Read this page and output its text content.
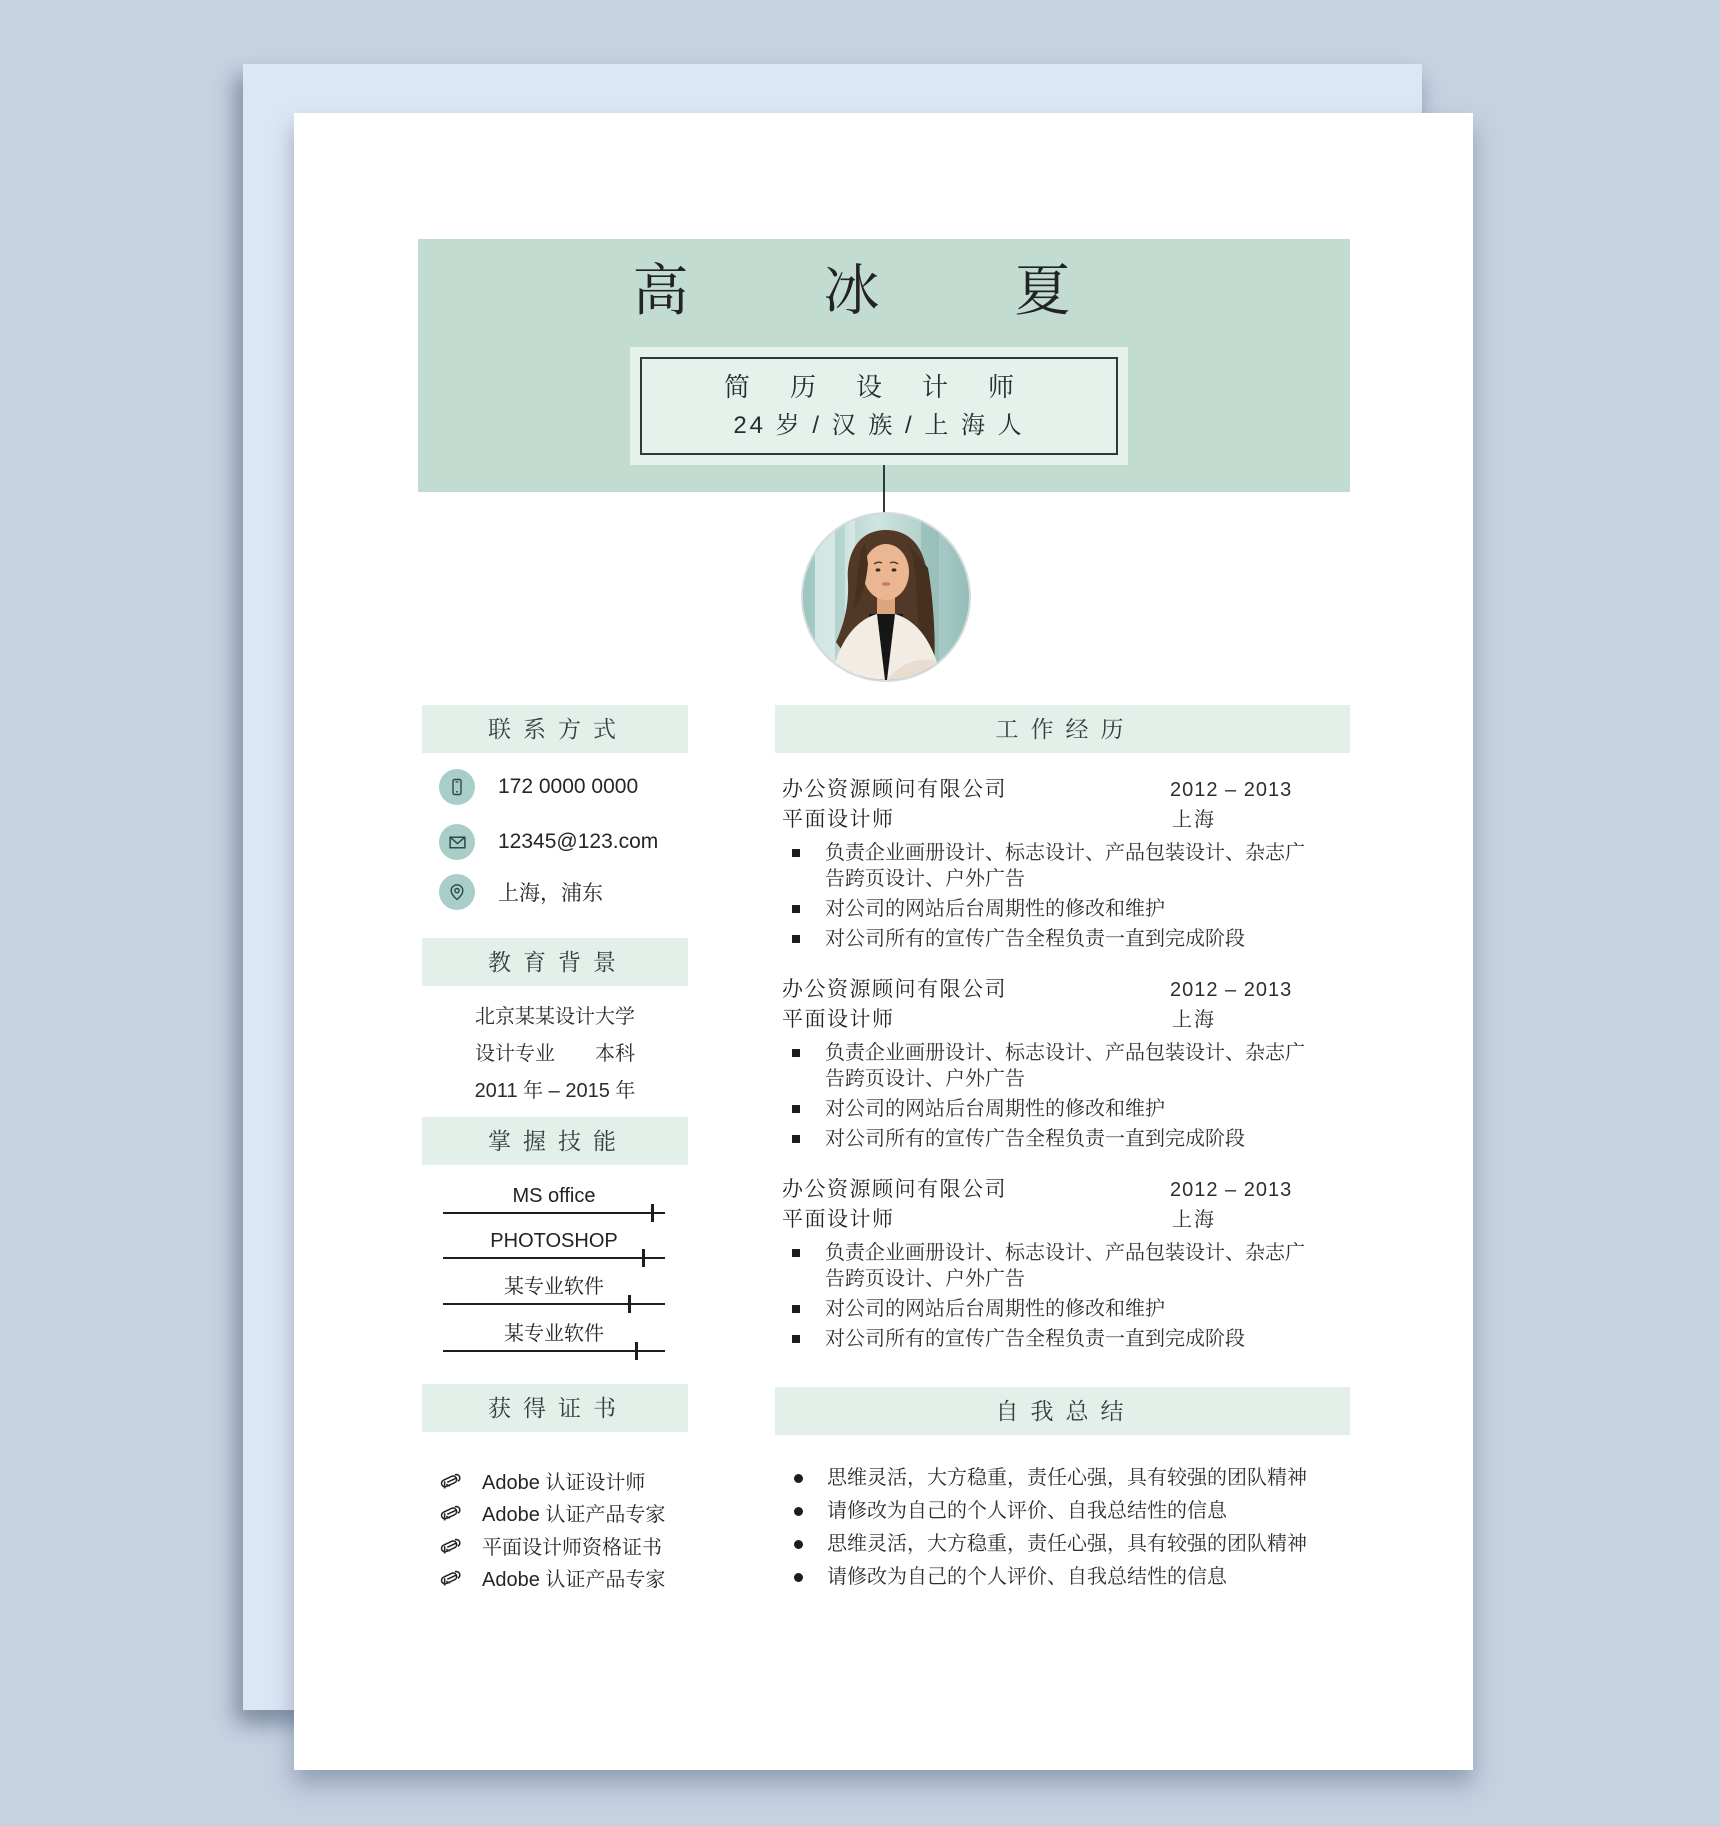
高冰夏
简历设计师
24 岁 / 汉 族 / 上 海 人
联系方式	工作经历
教育背景
掌握技能
获得证书	自我总结
172 0000 0000
12345@123.com
上海，浦东
北京某某设计大学
设计专业 本科
2011 年 – 2015 年
MS office
PHOTOSHOP
某专业软件
某专业软件
Adobe 认证设计师
Adobe 认证产品专家
平面设计师资格证书
Adobe 认证产品专家
办公资源顾问有限公司	2012 – 2013
平面设计师	上海
负责企业画册设计、标志设计、产品包装设计、杂志广告跨页设计、户外广告
对公司的网站后台周期性的修改和维护
对公司所有的宣传广告全程负责一直到完成阶段
办公资源顾问有限公司	2012 – 2013
平面设计师	上海
负责企业画册设计、标志设计、产品包装设计、杂志广告跨页设计、户外广告
对公司的网站后台周期性的修改和维护
对公司所有的宣传广告全程负责一直到完成阶段
办公资源顾问有限公司	2012 – 2013
平面设计师	上海
负责企业画册设计、标志设计、产品包装设计、杂志广告跨页设计、户外广告
对公司的网站后台周期性的修改和维护
对公司所有的宣传广告全程负责一直到完成阶段
思维灵活，大方稳重，责任心强，具有较强的团队精神
请修改为自己的个人评价、自我总结性的信息
思维灵活，大方稳重，责任心强，具有较强的团队精神
请修改为自己的个人评价、自我总结性的信息
